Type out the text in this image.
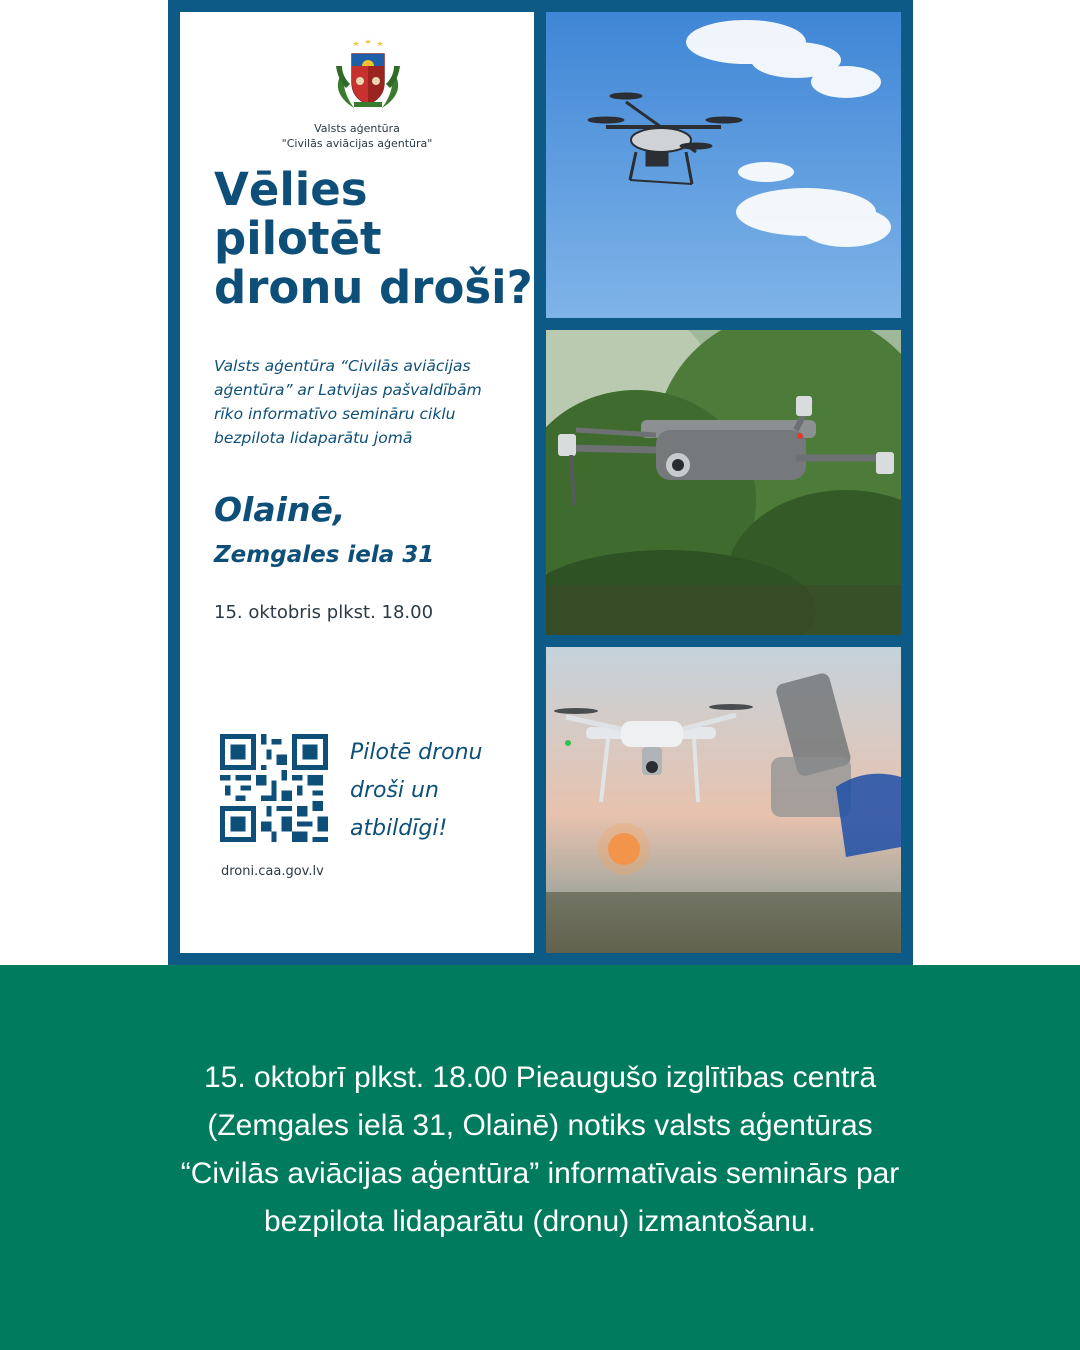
Valsts aģentūra
"Civilās aviācijas aģentūra"
Vēlies
pilotēt
dronu droši?
Valsts aģentūra “Civilās aviācijas
aģentūra” ar Latvijas pašvaldībām
rīko informatīvo semināru ciklu
bezpilota lidaparātu jomā
Olainē,
Zemgales iela 31
15. oktobris plkst. 18.00
Pilotē dronu
droši un
atbildīgi!
droni.caa.gov.lv
15. oktobrī plkst. 18.00 Pieaugušo izglītības centrā
(Zemgales ielā 31, Olainē) notiks valsts aģentūras
“Civilās aviācijas aģentūra” informatīvais seminārs par
bezpilota lidaparātu (dronu) izmantošanu.
